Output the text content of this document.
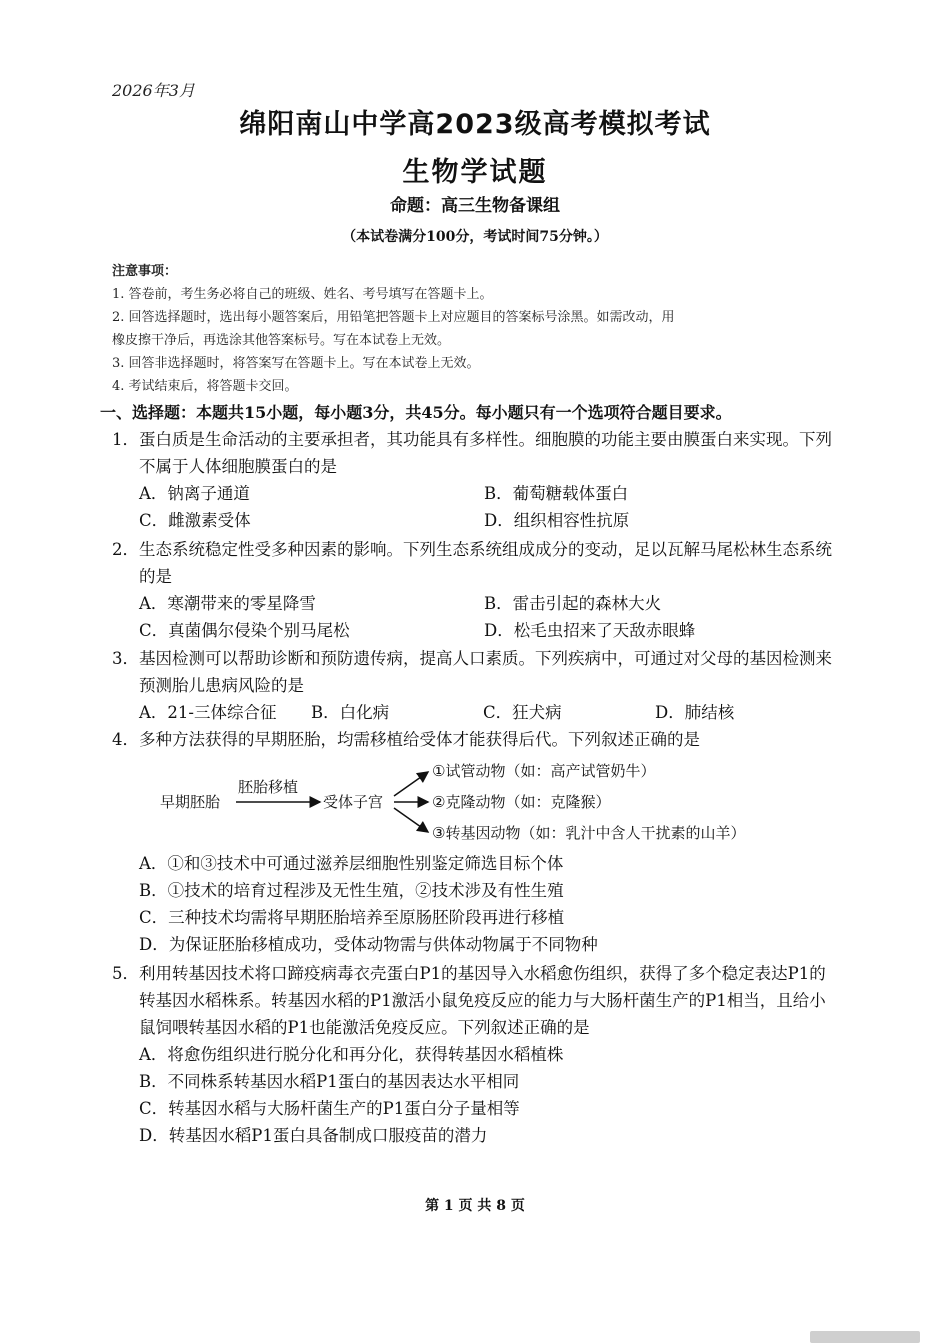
2026年3月
绵阳南山中学高2023级高考模拟考试
生物学试题
命题：高三生物备课组
（本试卷满分100分，考试时间75分钟。）
注意事项：
1. 答卷前，考生务必将自己的班级、姓名、考号填写在答题卡上。
2. 回答选择题时，选出每小题答案后，用铅笔把答题卡上对应题目的答案标号涂黑。如需改动，用
橡皮擦干净后，再选涂其他答案标号。写在本试卷上无效。
3. 回答非选择题时，将答案写在答题卡上。写在本试卷上无效。
4. 考试结束后，将答题卡交回。
一、选择题：本题共15小题，每小题3分，共45分。每小题只有一个选项符合题目要求。
1．蛋白质是生命活动的主要承担者，其功能具有多样性。细胞膜的功能主要由膜蛋白来实现。下列不属于人体细胞膜蛋白的是
A．钠离子通道	B．葡萄糖载体蛋白
C．雌激素受体	D．组织相容性抗原
2．生态系统稳定性受多种因素的影响。下列生态系统组成成分的变动，足以瓦解马尾松林生态系统的是
A．寒潮带来的零星降雪	B．雷击引起的森林大火
C．真菌偶尔侵染个别马尾松	D．松毛虫招来了天敌赤眼蜂
3．基因检测可以帮助诊断和预防遗传病，提高人口素质。下列疾病中，可通过对父母的基因检测来预测胎儿患病风险的是
A．21-三体综合征	B．白化病	C．狂犬病	D．肺结核
4．多种方法获得的早期胚胎，均需移植给受体才能获得后代。下列叙述正确的是
早期胚胎
胚胎移植
受体子宫
①试管动物（如：高产试管奶牛）
②克隆动物（如：克隆猴）
③转基因动物（如：乳汁中含人干扰素的山羊）
A．①和③技术中可通过滋养层细胞性别鉴定筛选目标个体
B．①技术的培育过程涉及无性生殖，②技术涉及有性生殖
C．三种技术均需将早期胚胎培养至原肠胚阶段再进行移植
D．为保证胚胎移植成功，受体动物需与供体动物属于不同物种
5．利用转基因技术将口蹄疫病毒衣壳蛋白P1的基因导入水稻愈伤组织，获得了多个稳定表达P1的转基因水稻株系。转基因水稻的P1激活小鼠免疫反应的能力与大肠杆菌生产的P1相当，且给小鼠饲喂转基因水稻的P1也能激活免疫反应。下列叙述正确的是
A．将愈伤组织进行脱分化和再分化，获得转基因水稻植株
B．不同株系转基因水稻P1蛋白的基因表达水平相同
C．转基因水稻与大肠杆菌生产的P1蛋白分子量相等
D．转基因水稻P1蛋白具备制成口服疫苗的潜力
第 1 页 共 8 页
